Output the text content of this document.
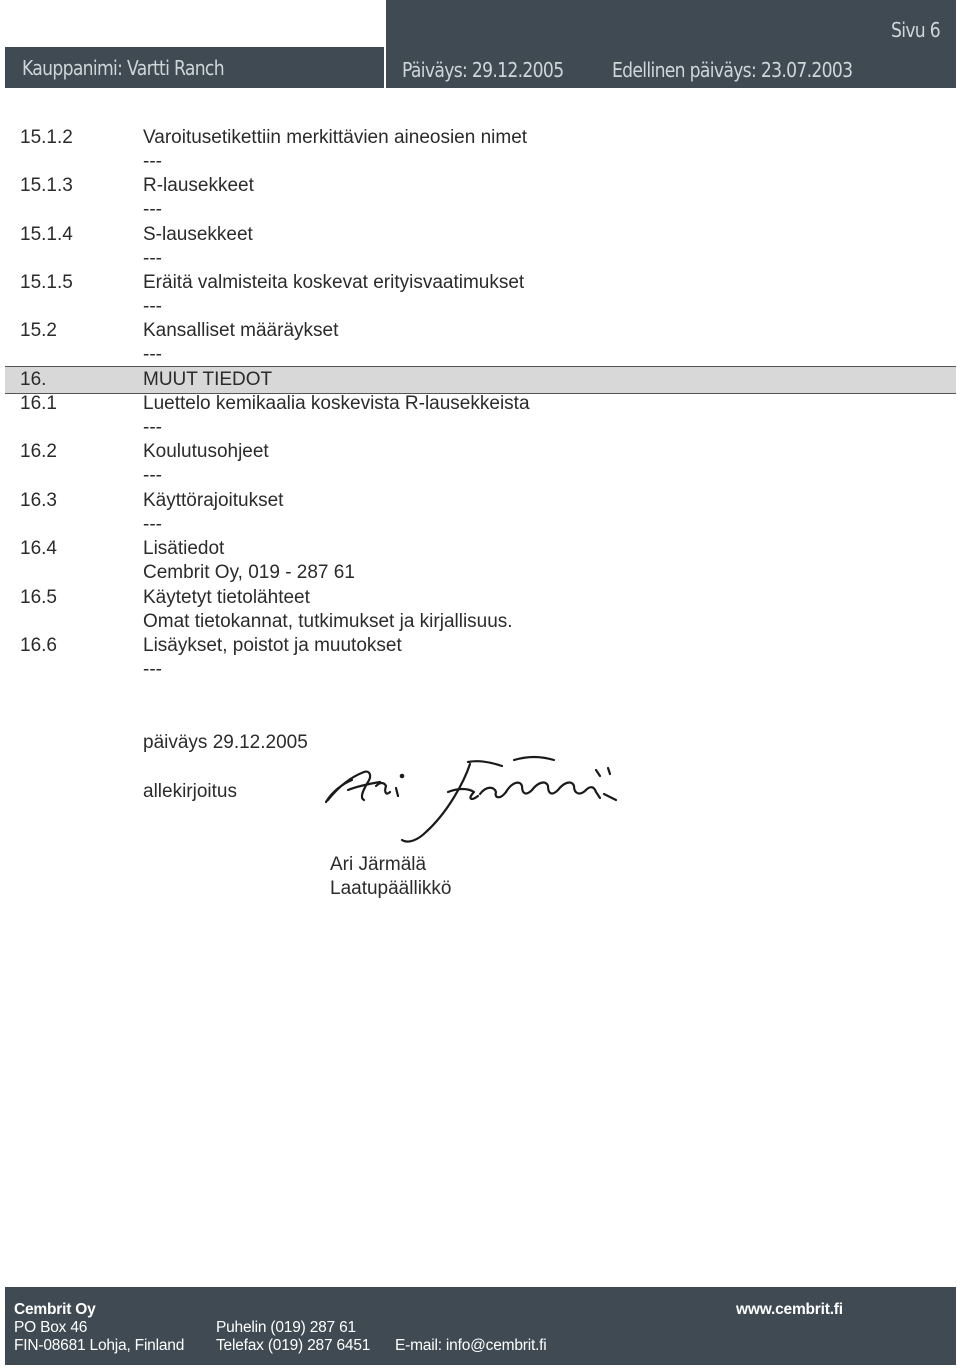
Kauppanimi: Vartti Ranch	Päiväys: 29.12.2005 Edellinen päiväys: 23.07.2003
Sivu 6
15.1.2	Varoitusetikettiin merkittävien aineosien nimet
---
15.1.3	R-lausekkeet
---
15.1.4	S-lausekkeet
---
15.1.5	Eräitä valmisteita koskevat erityisvaatimukset
---
15.2	Kansalliset määräykset
---
16.	MUUT TIEDOT
16.1	Luettelo kemikaalia koskevista R-lausekkeista
---
16.2	Koulutusohjeet
---
16.3	Käyttörajoitukset
---
16.4	Lisätiedot
Cembrit Oy, 019 - 287 61
16.5	Käytetyt tietolähteet
Omat tietokannat, tutkimukset ja kirjallisuus.
16.6	Lisäykset, poistot ja muutokset
---
päiväys 29.12.2005
allekirjoitus
Ari Järmälä
Laatupäällikkö
Cembrit Oy
PO Box 46
FIN-08681 Lohja, Finland
Puhelin (019) 287 61
Telefax (019) 287 6451 E-mail: info@cembrit.fi
www.cembrit.fi
